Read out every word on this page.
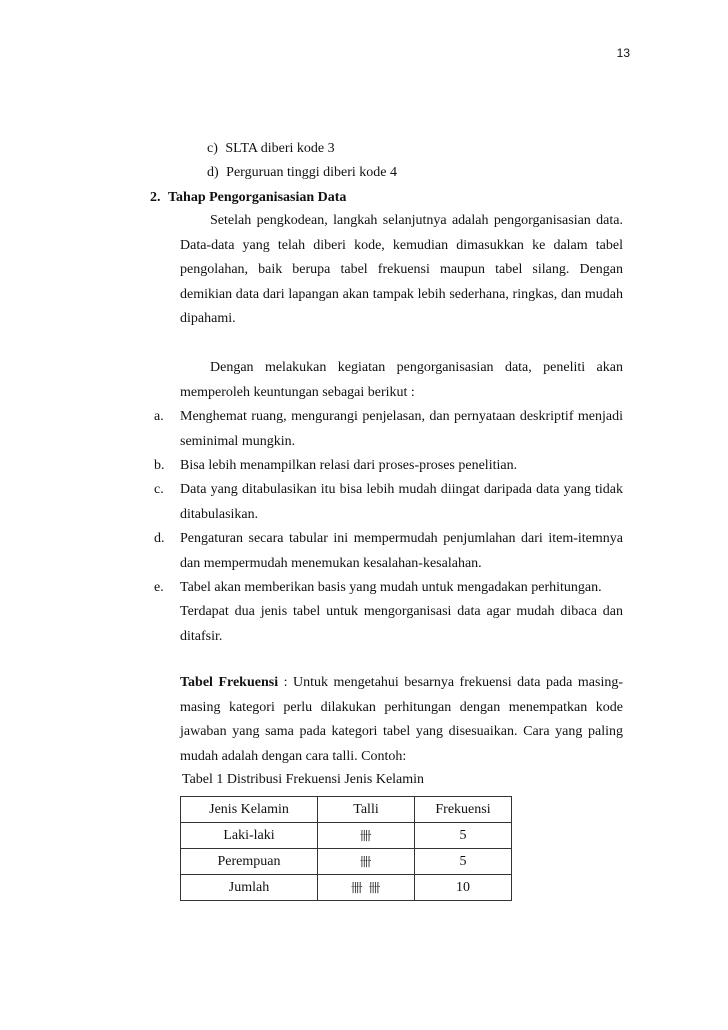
13
c) SLTA diberi kode 3
d) Perguruan tinggi diberi kode 4
2. Tahap Pengorganisasian Data

Setelah pengkodean, langkah selanjutnya adalah pengorganisasian data. Data-data yang telah diberi kode, kemudian dimasukkan ke dalam tabel pengolahan, baik berupa tabel frekuensi maupun tabel silang. Dengan demikian data dari lapangan akan tampak lebih sederhana, ringkas, dan mudah dipahami.

Dengan melakukan kegiatan pengorganisasian data, peneliti akan memperoleh keuntungan sebagai berikut :

a. Menghemat ruang, mengurangi penjelasan, dan pernyataan deskriptif menjadi seminimal mungkin.
b. Bisa lebih menampilkan relasi dari proses-proses penelitian.
c. Data yang ditabulasikan itu bisa lebih mudah diingat daripada data yang tidak ditabulasikan.
d. Pengaturan secara tabular ini mempermudah penjumlahan dari item-itemnya dan mempermudah menemukan kesalahan-kesalahan.
e. Tabel akan memberikan basis yang mudah untuk mengadakan perhitungan.

Terdapat dua jenis tabel untuk mengorganisasi data agar mudah dibaca dan ditafsir.

Tabel Frekuensi : Untuk mengetahui besarnya frekuensi data pada masing-masing kategori perlu dilakukan perhitungan dengan menempatkan kode jawaban yang sama pada kategori tabel yang disesuaikan. Cara yang paling mudah adalah dengan cara talli. Contoh:

Tabel 1 Distribusi Frekuensi Jenis Kelamin
Jenis Kelamin	Talli	Frekuensi
Laki-laki	卌	5
Perempuan	卌	5
Jumlah	卌 卌	10
